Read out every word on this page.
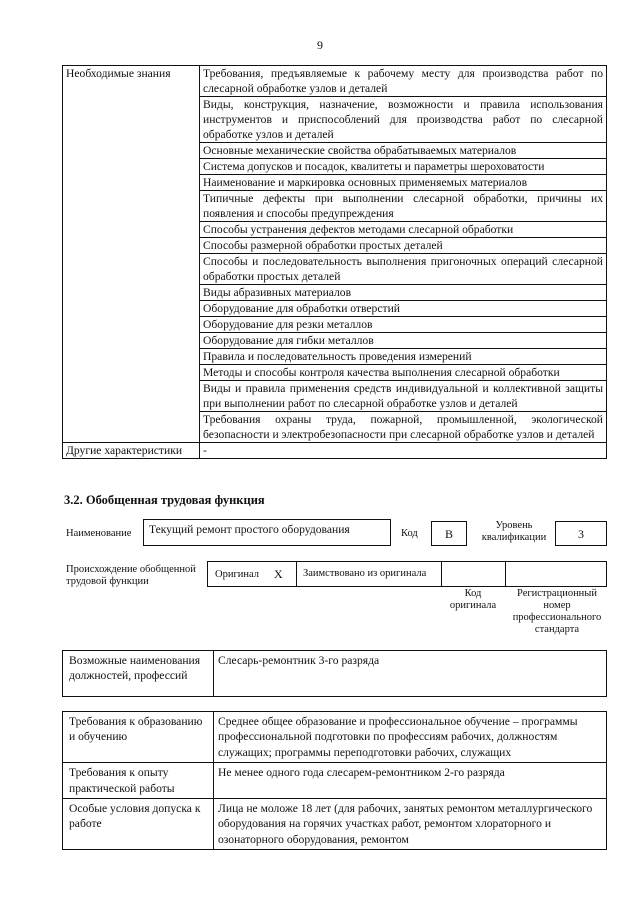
9
Необходимые знания	Требования, предъявляемые к рабочему месту для производства работ по слесарной обработке узлов и деталей
	Виды, конструкция, назначение, возможности и правила использования инструментов и приспособлений для производства работ по слесарной обработке узлов и деталей
	Основные механические свойства обрабатываемых материалов
	Система допусков и посадок, квалитеты и параметры шероховатости
	Наименование и маркировка основных применяемых материалов
	Типичные дефекты при выполнении слесарной обработки, причины их появления и способы предупреждения
	Способы устранения дефектов методами слесарной обработки
	Способы размерной обработки простых деталей
	Способы и последовательность выполнения пригоночных операций слесарной обработки простых деталей
	Виды абразивных материалов
	Оборудование для обработки отверстий
	Оборудование для резки металлов
	Оборудование для гибки металлов
	Правила и последовательность проведения измерений
	Методы и способы контроля качества выполнения слесарной обработки
	Виды и правила применения средств индивидуальной и коллективной защиты при выполнении работ по слесарной обработке узлов и деталей
	Требования охраны труда, пожарной, промышленной, экологической безопасности и электробезопасности при слесарной обработке узлов и деталей
Другие характеристики	-
3.2. Обобщенная трудовая функция
Наименование	Текущий ремонт простого оборудования	Код	B
Уровень квалификации	3
Происхождение обобщенной трудовой функции
Оригинал X Заимствовано из оригинала
Код оригинала
Регистрационный номер профессионального стандарта
Возможные наименования должностей, профессий	Слесарь-ремонтник 3-го разряда
Требования к образованию и обучению	Среднее общее образование и профессиональное обучение – программы профессиональной подготовки по профессиям рабочих, должностям служащих; программы переподготовки рабочих, служащих
Требования к опыту практической работы	Не менее одного года слесарем-ремонтником 2-го разряда
Особые условия допуска к работе	Лица не моложе 18 лет (для рабочих, занятых ремонтом металлургического оборудования на горячих участках работ, ремонтом хлораторного и озонаторного оборудования, ремонтом
